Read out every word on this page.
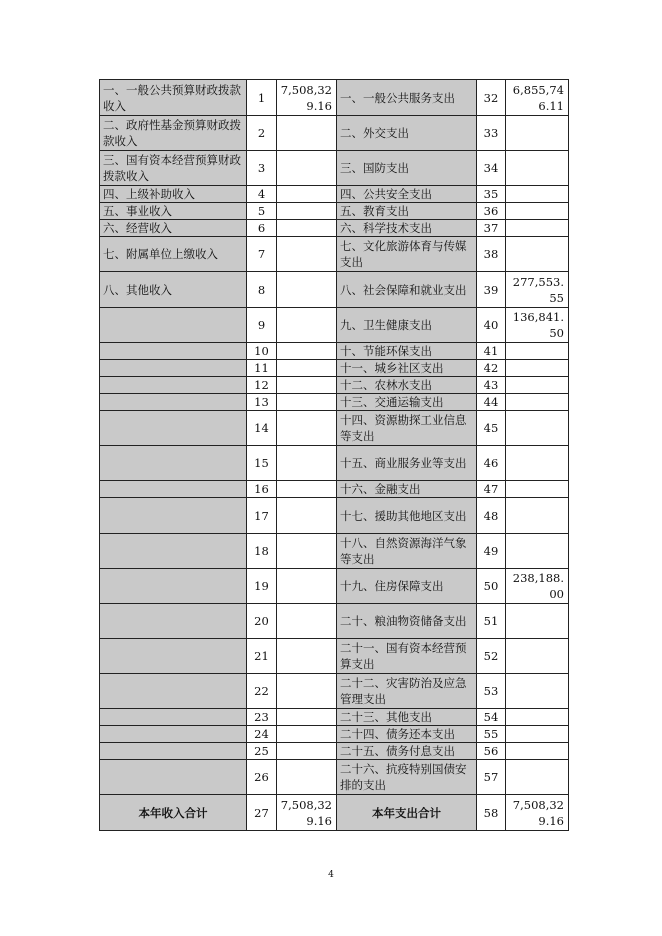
一、一般公共预算财政拨款收入	1	7,508,329.16	一、一般公共服务支出	32	6,855,746.11
二、政府性基金预算财政拨款收入	2		二、外交支出	33	
三、国有资本经营预算财政拨款收入	3		三、国防支出	34	
四、上级补助收入	4		四、公共安全支出	35	
五、事业收入	5		五、教育支出	36	
六、经营收入	6		六、科学技术支出	37	
七、附属单位上缴收入	7		七、文化旅游体育与传媒支出	38	
八、其他收入	8		八、社会保障和就业支出	39	277,553.55
	9		九、卫生健康支出	40	136,841.50
	10		十、节能环保支出	41	
	11		十一、城乡社区支出	42	
	12		十二、农林水支出	43	
	13		十三、交通运输支出	44	
	14		十四、资源勘探工业信息等支出	45	
	15		十五、商业服务业等支出	46	
	16		十六、金融支出	47	
	17		十七、援助其他地区支出	48	
	18		十八、自然资源海洋气象等支出	49	
	19		十九、住房保障支出	50	238,188.00
	20		二十、粮油物资储备支出	51	
	21		二十一、国有资本经营预算支出	52	
	22		二十二、灾害防治及应急管理支出	53	
	23		二十三、其他支出	54	
	24		二十四、债务还本支出	55	
	25		二十五、债务付息支出	56	
	26		二十六、抗疫特别国债安排的支出	57	
本年收入合计	27	7,508,329.16	本年支出合计	58	7,508,329.16
4
